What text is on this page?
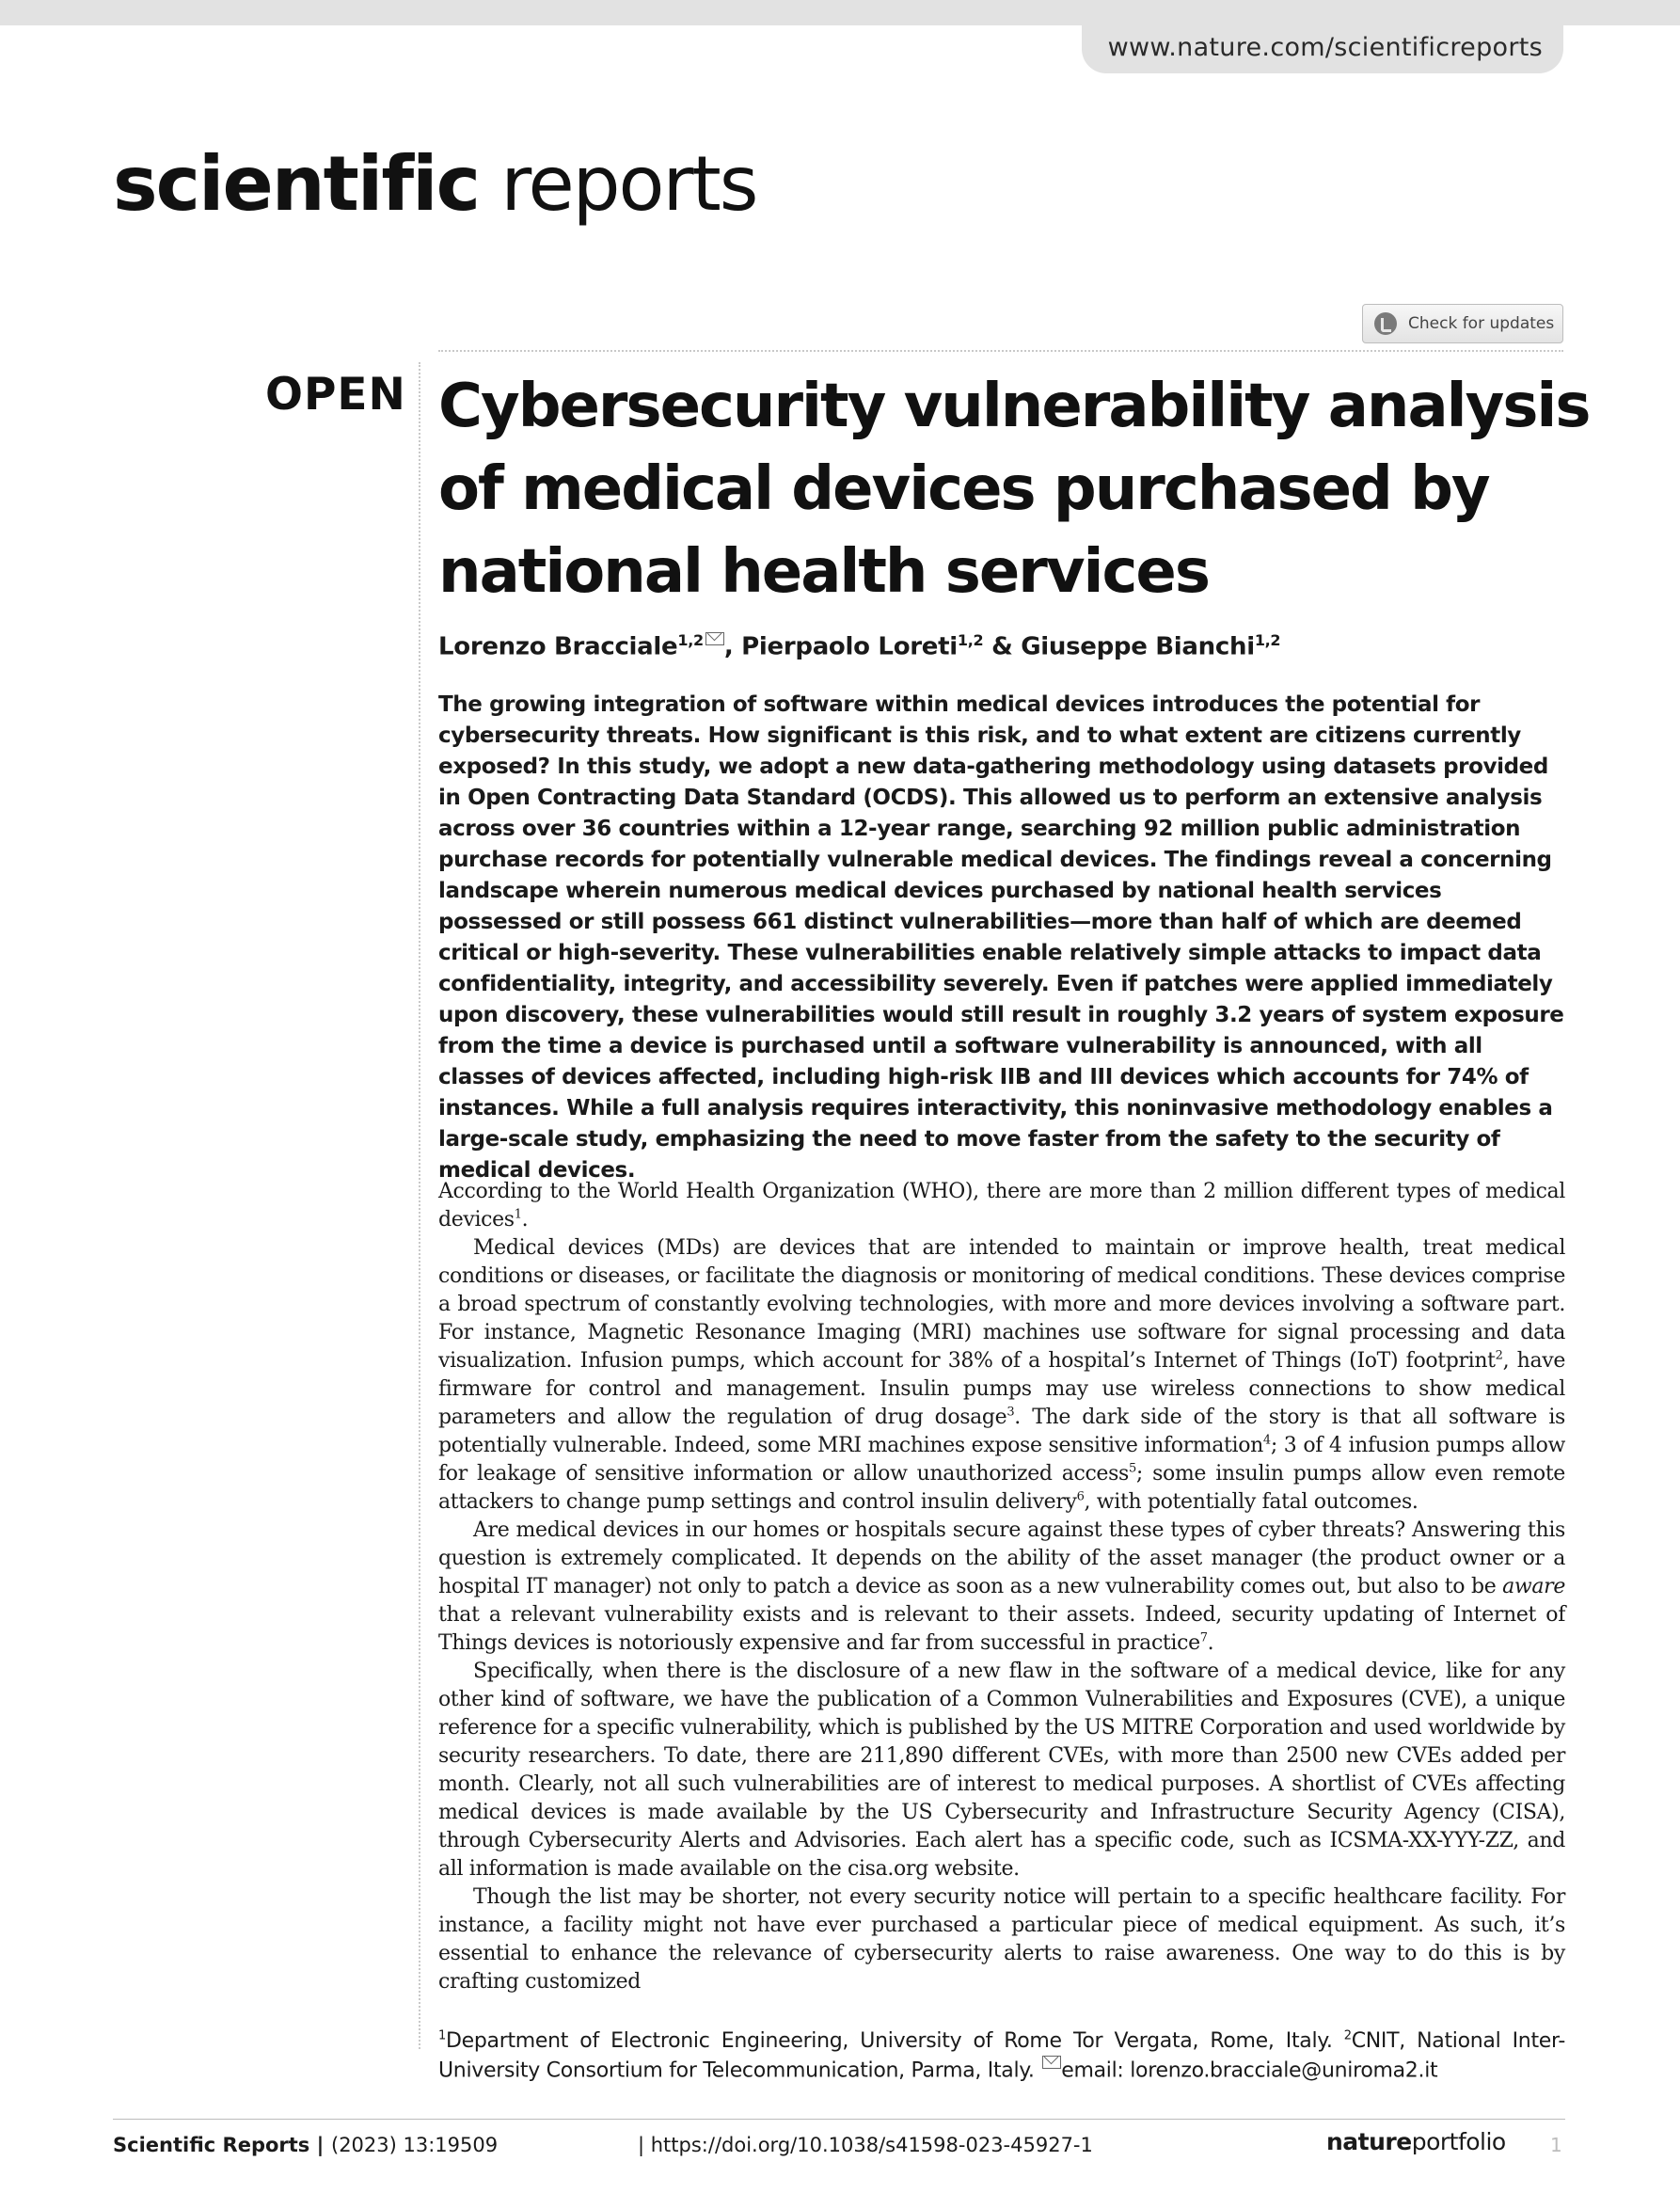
www.nature.com/scientificreports
scientific reports
Check for updates
OPEN Cybersecurity vulnerability analysis of medical devices purchased by national health services
Lorenzo Bracciale$^{1,2}$ , Pierpaolo Loreti$^{1,2}$ & Giuseppe Bianchi$^{1,2}$

The growing integration of software within medical devices introduces the potential for cybersecurity threats. How significant is this risk, and to what extent are citizens currently exposed? In this study, we adopt a new data-gathering methodology using datasets provided in Open Contracting Data Standard (OCDS). This allowed us to perform an extensive analysis across over 36 countries within a 12-year range, searching 92 million public administration purchase records for potentially vulnerable medical devices. The findings reveal a concerning landscape wherein numerous medical devices purchased by national health services possessed or still possess 661 distinct vulnerabilities—more than half of which are deemed critical or high-severity. These vulnerabilities enable relatively simple attacks to impact data confidentiality, integrity, and accessibility severely. Even if patches were applied immediately upon discovery, these vulnerabilities would still result in roughly 3.2 years of system exposure from the time a device is purchased until a software vulnerability is announced, with all classes of devices affected, including high-risk IIB and III devices which accounts for 74% of instances. While a full analysis requires interactivity, this noninvasive methodology enables a large-scale study, emphasizing the need to move faster from the safety to the security of medical devices.

According to the World Health Organization (WHO), there are more than 2 million different types of medical devices$^1$.

Medical devices (MDs) are devices that are intended to maintain or improve health, treat medical conditions or diseases, or facilitate the diagnosis or monitoring of medical conditions. These devices comprise a broad spectrum of constantly evolving technologies, with more and more devices involving a software part. For instance, Magnetic Resonance Imaging (MRI) machines use software for signal processing and data visualization. Infusion pumps, which account for 38% of a hospital’s Internet of Things (IoT) footprint$^2$, have firmware for control and management. Insulin pumps may use wireless connections to show medical parameters and allow the regulation of drug dosage$^3$. The dark side of the story is that all software is potentially vulnerable. Indeed, some MRI machines expose sensitive information$^4$; 3 of 4 infusion pumps allow for leakage of sensitive information or allow unauthorized access$^5$; some insulin pumps allow even remote attackers to change pump settings and control insulin delivery$^6$, with potentially fatal outcomes.

Are medical devices in our homes or hospitals secure against these types of cyber threats? Answering this question is extremely complicated. It depends on the ability of the asset manager (the product owner or a hospital IT manager) not only to patch a device as soon as a new vulnerability comes out, but also to be aware that a relevant vulnerability exists and is relevant to their assets. Indeed, security updating of Internet of Things devices is notoriously expensive and far from successful in practice$^7$.

Specifically, when there is the disclosure of a new flaw in the software of a medical device, like for any other kind of software, we have the publication of a Common Vulnerabilities and Exposures (CVE), a unique reference for a specific vulnerability, which is published by the US MITRE Corporation and used worldwide by security researchers. To date, there are 211,890 different CVEs, with more than 2500 new CVEs added per month. Clearly, not all such vulnerabilities are of interest to medical purposes. A shortlist of CVEs affecting medical devices is made available by the US Cybersecurity and Infrastructure Security Agency (CISA), through Cybersecurity Alerts and Advisories. Each alert has a specific code, such as ICSMA-XX-YYY-ZZ, and all information is made available on the cisa.org website.

Though the list may be shorter, not every security notice will pertain to a specific healthcare facility. For instance, a facility might not have ever purchased a particular piece of medical equipment. As such, it’s essential to enhance the relevance of cybersecurity alerts to raise awareness. One way to do this is by crafting customized

$^1$Department of Electronic Engineering, University of Rome Tor Vergata, Rome, Italy. $^2$CNIT, National Inter-University Consortium for Telecommunication, Parma, Italy. email: lorenzo.bracciale@uniroma2.it
Scientific Reports | (2023) 13:19509	| https://doi.org/10.1038/s41598-023-45927-1	natureportfolio 1
